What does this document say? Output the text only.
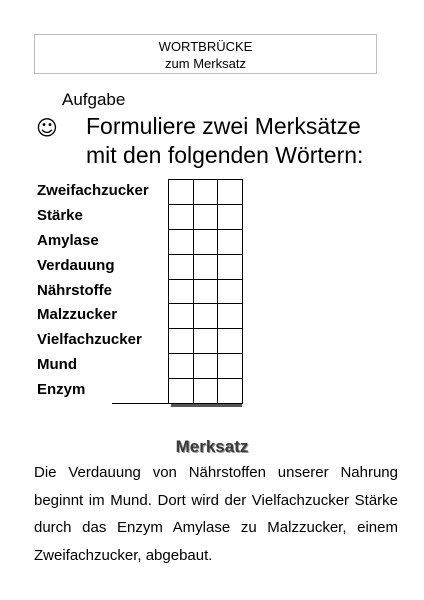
WORTBRÜCKE
zum Merksatz
Aufgabe
☺ Formuliere zwei Merksätze
mit den folgenden Wörtern:
Zweifachzucker
Stärke
Amylase
Verdauung
Nährstoffe
Malzzucker
Vielfachzucker
Mund
Enzym

Merksatz

Die Verdauung von Nährstoffen unserer Nahrung beginnt im Mund. Dort wird der Vielfachzucker Stärke durch das Enzym Amylase zu Malzzucker, einem Zweifachzucker, abgebaut.
